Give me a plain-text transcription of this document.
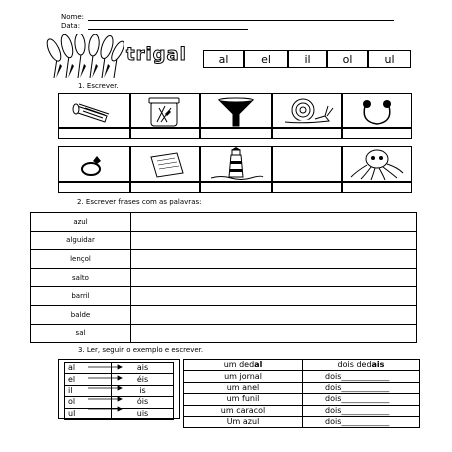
Nome:
Data:
trigal	al	el	il	ol	ul
1. Escrever.
2. Escrever frases com as palavras:
azul	
alguidar	
lençol	
salto	
barril	
balde	
sal	
3. Ler, seguir o exemplo e escrever.
al	ais
el	éis
il	is
ol	óis
ul	uis
um dedal	dois dedais
um jornal	dois____________
um anel	dois____________
um funil	dois____________
um caracol	dois____________
Um azul	dois____________
